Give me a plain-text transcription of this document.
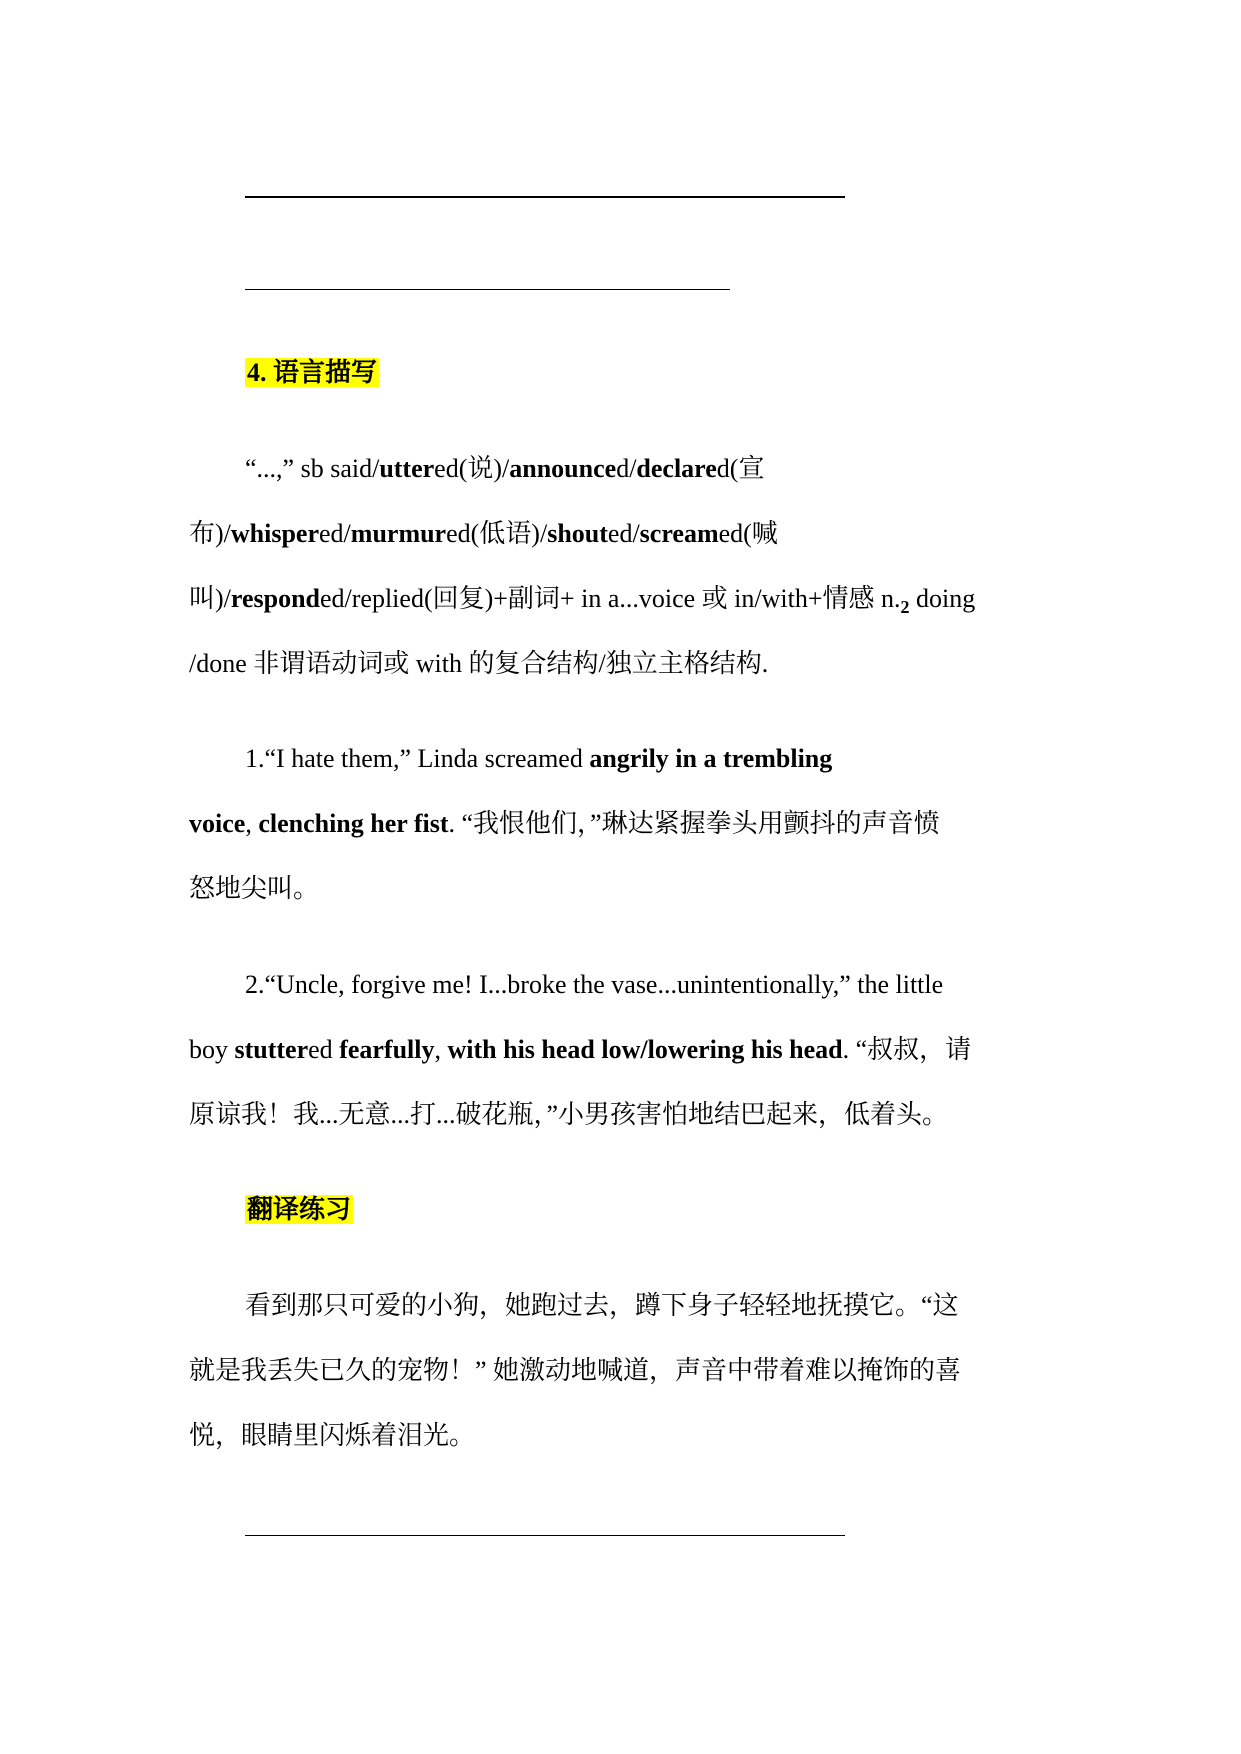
4. 语言描写
“...,” sb said/uttered(说)/announced/declared(宣
布)/whispered/murmured(低语)/shouted/screamed(喊
叫)/responded/replied(回复)+副词+ in a...voice 或 in/with+情感 $n._2$ doing
/done 非谓语动词或 with 的复合结构/独立主格结构.
1.“I hate them,” Linda screamed angrily in a trembling
voice, clenching her fist. “我恨他们，”琳达紧握拳头用颤抖的声音愤
怒地尖叫。
2.“Uncle, forgive me! I...broke the vase...unintentionally,” the little
boy stuttered fearfully, with his head low/lowering his head. “叔叔，请
原谅我！我...无意...打...破花瓶，”小男孩害怕地结巴起来，低着头。
翻译练习
看到那只可爱的小狗，她跑过去，蹲下身子轻轻地抚摸它。“这
就是我丢失已久的宠物！” 她激动地喊道，声音中带着难以掩饰的喜
悦，眼睛里闪烁着泪光。
